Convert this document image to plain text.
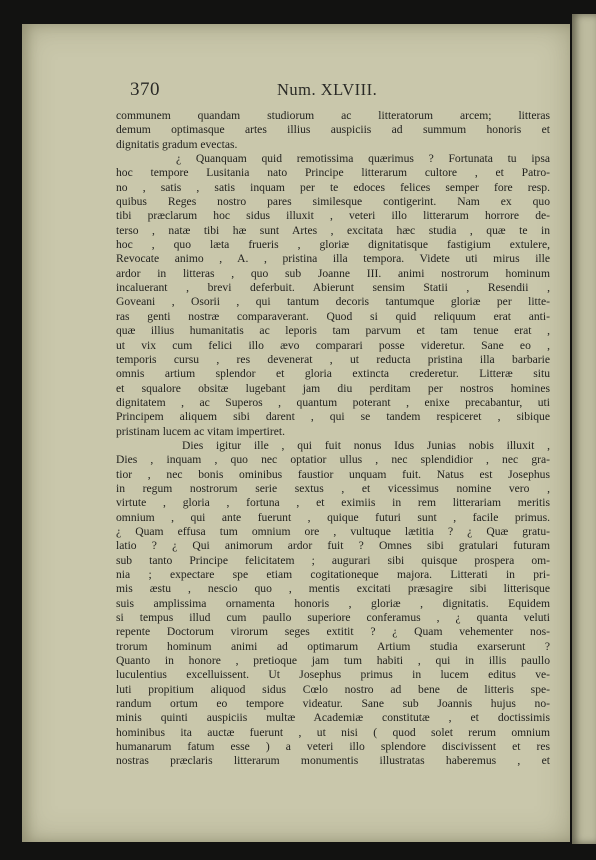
370	Num. XLVIII.
communem quandam studiorum ac litteratorum arcem; litteras
demum optimasque artes illius auspiciis ad summum honoris et
dignitatis gradum evectas.
¿ Quanquam quid remotissima quærimus ? Fortunata tu ipsa
hoc tempore Lusitania nato Principe litterarum cultore , et Patro-
no , satis , satis inquam per te edoces felices semper fore resp.
quibus Reges nostro pares similesque contigerint. Nam ex quo
tibi præclarum hoc sidus illuxit , veteri illo litterarum horrore de-
terso , natæ tibi hæ sunt Artes , excitata hæc studia , quæ te in
hoc , quo læta frueris , gloriæ dignitatisque fastigium extulere,
Revocate animo , A. , pristina illa tempora. Videte uti mirus ille
ardor in litteras , quo sub Joanne III. animi nostrorum hominum
incaluerant , brevi deferbuit. Abierunt sensim Statii , Resendii ,
Goveani , Osorii , qui tantum decoris tantumque gloriæ per litte-
ras genti nostræ comparaverant. Quod si quid reliquum erat anti-
quæ illius humanitatis ac leporis tam parvum et tam tenue erat ,
ut vix cum felici illo ævo comparari posse videretur. Sane eo ,
temporis cursu , res devenerat , ut reducta pristina illa barbarie
omnis artium splendor et gloria extincta crederetur. Litteræ situ
et squalore obsitæ lugebant jam diu perditam per nostros homines
dignitatem , ac Superos , quantum poterant , enixe precabantur, uti
Principem aliquem sibi darent , qui se tandem respiceret , sibique
pristinam lucem ac vitam impertiret.
Dies igitur ille , qui fuit nonus Idus Junias nobis illuxit ,
Dies , inquam , quo nec optatior ullus , nec splendidior , nec gra-
tior , nec bonis ominibus faustior unquam fuit. Natus est Josephus
in regum nostrorum serie sextus , et vicessimus nomine vero ,
virtute , gloria , fortuna , et eximiis in rem litterariam meritis
omnium , qui ante fuerunt , quique futuri sunt , facile primus.
¿ Quam effusa tum omnium ore , vultuque lætitia ? ¿ Quæ gratu-
latio ? ¿ Qui animorum ardor fuit ? Omnes sibi gratulari futuram
sub tanto Principe felicitatem ; augurari sibi quisque prospera om-
nia ; expectare spe etiam cogitationeque majora. Litterati in pri-
mis æstu , nescio quo , mentis excitati præsagire sibi litterisque
suis amplissima ornamenta honoris , gloriæ , dignitatis. Equidem
si tempus illud cum paullo superiore conferamus , ¿ quanta veluti
repente Doctorum virorum seges extitit ? ¿ Quam vehementer nos-
trorum hominum animi ad optimarum Artium studia exarserunt ?
Quanto in honore , pretioque jam tum habiti , qui in illis paullo
luculentius excelluissent. Ut Josephus primus in lucem editus ve-
luti propitium aliquod sidus Cœlo nostro ad bene de litteris spe-
randum ortum eo tempore videatur. Sane sub Joannis hujus no-
minis quinti auspiciis multæ Academiæ constitutæ , et doctissimis
hominibus ita auctæ fuerunt , ut nisi ( quod solet rerum omnium
humanarum fatum esse ) a veteri illo splendore discivissent et res
nostras præclaris litterarum monumentis illustratas haberemus , et
